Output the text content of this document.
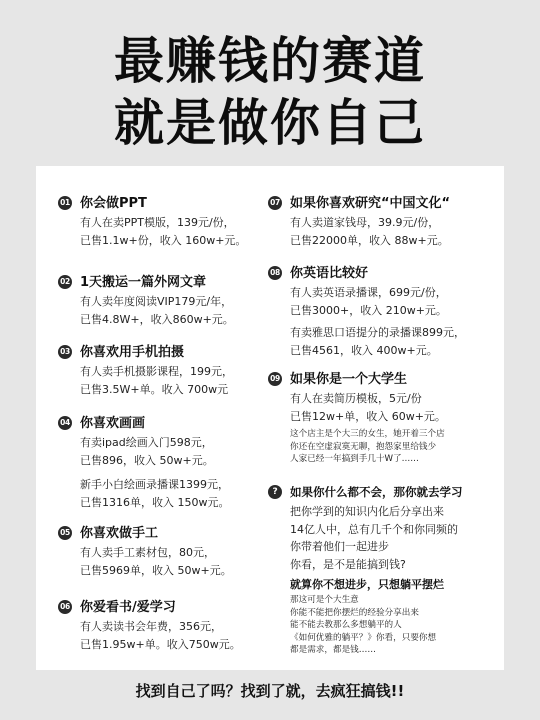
最赚钱的赛道
就是做你自己
01 你会做PPT
有人在卖PPT模版，139元/份，
已售1.1w+份，收入 160w+元。
02 1天搬运一篇外网文章
有人卖年度阅读VIP179元/年，
已售4.8W+，收入860w+元。
03 你喜欢用手机拍摄
有人卖手机摄影课程，199元，
已售3.5W+单。收入 700w元
04 你喜欢画画
有卖ipad绘画入门598元，
已售896，收入 50w+元。
新手小白绘画录播课1399元，
已售1316单，收入 150w元。
05 你喜欢做手工
有人卖手工素材包，80元，
已售5969单，收入 50w+元。
06 你爱看书/爱学习
有人卖读书会年费，356元，
已售1.95w+单。收入750w元。
07 如果你喜欢研究“中国文化“
有人卖道家钱母，39.9元/份，
已售22000单，收入 88w+元。
08 你英语比较好
有人卖英语录播课，699元/份，
已售3000+，收入 210w+元。
有卖雅思口语提分的录播课899元，
已售4561，收入 400w+元。
09 如果你是一个大学生
有人在卖简历模板，5元/份
已售12w+单，收入 60w+元。
这个店主是个大三的女生，她开着三个店
你还在空虚寂寞无聊，抱怨家里给钱少
人家已经一年搞到手几十W了……
?	如果你什么都不会，那你就去学习
把你学到的知识内化后分享出来
14亿人中，总有几千个和你同频的
你带着他们一起进步
你看，是不是能搞到钱?
就算你不想进步，只想躺平摆烂
那这可是个大生意
你能不能把你摆烂的经验分享出来
能不能去教那么多想躺平的人
《如何优雅的躺平？》你看，只要你想
都是需求，都是钱……
找到自己了吗？找到了就，去疯狂搞钱!!
